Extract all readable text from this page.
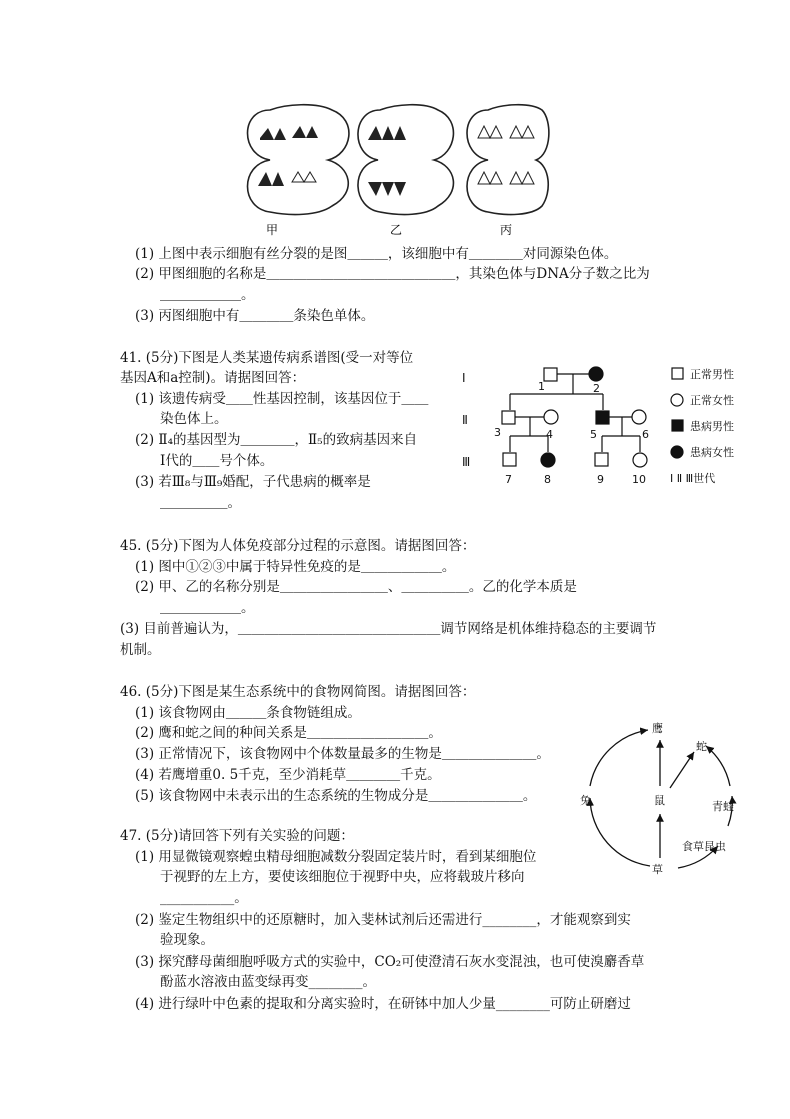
甲	乙	丙
(1) 上图中表示细胞有丝分裂的是图＿＿＿，该细胞中有＿＿＿＿对同源染色体。
(2) 甲图细胞的名称是＿＿＿＿＿＿＿＿＿＿＿＿＿＿，其染色体与DNA分子数之比为
＿＿＿＿＿＿。
(3) 丙图细胞中有＿＿＿＿条染色单体。
41. (5分)下图是人类某遗传病系谱图(受一对等位
基因A和a控制)。请据图回答：
(1) 该遗传病受＿＿性基因控制，该基因位于＿＿
染色体上。
(2) Ⅱ₄的基因型为＿＿＿＿，Ⅱ₅的致病基因来自
Ⅰ代的＿＿号个体。
(3) 若Ⅲ₈与Ⅲ₉婚配，子代患病的概率是
＿＿＿＿＿。
Ⅰ
Ⅱ
Ⅲ
1	2
3	4	5	6
7	8	9	10
正常男性
正常女性
患病男性
患病女性
Ⅰ Ⅱ Ⅲ世代
45. (5分)下图为人体免疫部分过程的示意图。请据图回答：
(1) 图中①②③中属于特异性免疫的是＿＿＿＿＿＿。
(2) 甲、乙的名称分别是＿＿＿＿＿＿＿＿、＿＿＿＿＿。乙的化学本质是
＿＿＿＿＿＿。
(3) 目前普遍认为，＿＿＿＿＿＿＿＿＿＿＿＿＿＿＿调节网络是机体维持稳态的主要调节
机制。
46. (5分)下图是某生态系统中的食物网简图。请据图回答：
(1) 该食物网由＿＿＿条食物链组成。
(2) 鹰和蛇之间的种间关系是＿＿＿＿＿＿＿＿＿。
(3) 正常情况下，该食物网中个体数量最多的生物是＿＿＿＿＿＿＿。
(4) 若鹰增重0. 5千克，至少消耗草＿＿＿＿千克。
(5) 该食物网中未表示出的生态系统的生物成分是＿＿＿＿＿＿＿。
鹰
蛇
鼠
兔	青蛙
食草昆虫
草
47. (5分)请回答下列有关实验的问题：
(1) 用显微镜观察蝗虫精母细胞减数分裂固定装片时，看到某细胞位
于视野的左上方，要使该细胞位于视野中央，应将载玻片移向
___________。
(2) 鉴定生物组织中的还原糖时，加入斐林试剂后还需进行________，才能观察到实
验现象。
(3) 探究酵母菌细胞呼吸方式的实验中，CO₂可使澄清石灰水变混浊，也可使溴麝香草
酚蓝水溶液由蓝变绿再变________。
(4) 进行绿叶中色素的提取和分离实验时，在研钵中加人少量________可防止研磨过
